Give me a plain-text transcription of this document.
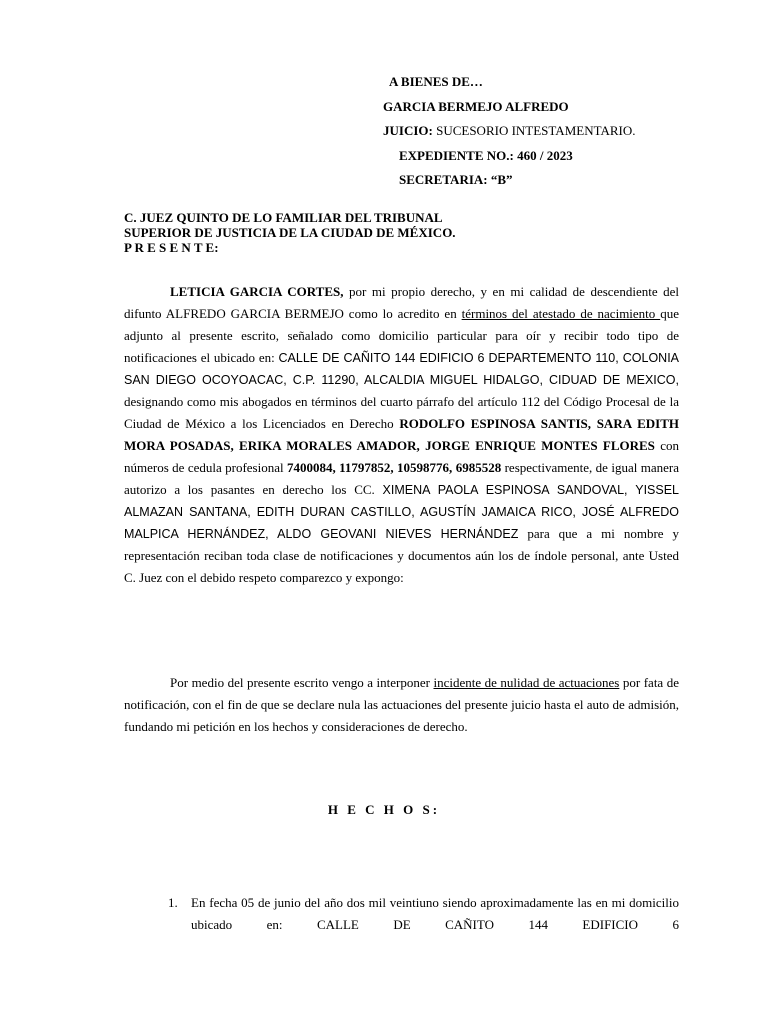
A BIENES DE…
GARCIA BERMEJO ALFREDO
JUICIO: SUCESORIO INTESTAMENTARIO.
EXPEDIENTE NO.: 460 / 2023
SECRETARIA: “B”
C. JUEZ QUINTO DE LO FAMILIAR DEL TRIBUNAL
SUPERIOR DE JUSTICIA DE LA CIUDAD DE MÉXICO.
P R E S E N T E:
LETICIA GARCIA CORTES, por mi propio derecho, y en mi calidad de descendiente del difunto ALFREDO GARCIA BERMEJO como lo acredito en términos del atestado de nacimiento que adjunto al presente escrito, señalado como domicilio particular para oír y recibir todo tipo de notificaciones el ubicado en: CALLE DE CAÑITO 144 EDIFICIO 6 DEPARTEMENTO 110, COLONIA SAN DIEGO OCOYOACAC, C.P. 11290, ALCALDIA MIGUEL HIDALGO, CIDUAD DE MEXICO, designando como mis abogados en términos del cuarto párrafo del artículo 112 del Código Procesal de la Ciudad de México a los Licenciados en Derecho RODOLFO ESPINOSA SANTIS, SARA EDITH MORA POSADAS, ERIKA MORALES AMADOR, JORGE ENRIQUE MONTES FLORES con números de cedula profesional 7400084, 11797852, 10598776, 6985528 respectivamente, de igual manera autorizo a los pasantes en derecho los CC. XIMENA PAOLA ESPINOSA SANDOVAL, YISSEL ALMAZAN SANTANA, EDITH DURAN CASTILLO, AGUSTÍN JAMAICA RICO, JOSÉ ALFREDO MALPICA HERNÁNDEZ, ALDO GEOVANI NIEVES HERNÁNDEZ para que a mi nombre y representación reciban toda clase de notificaciones y documentos aún los de índole personal, ante Usted C. Juez con el debido respeto comparezco y expongo:
Por medio del presente escrito vengo a interponer incidente de nulidad de actuaciones por fata de notificación, con el fin de que se declare nula las actuaciones del presente juicio hasta el auto de admisión, fundando mi petición en los hechos y consideraciones de derecho.
H E C H O S:
1. En fecha 05 de junio del año dos mil veintiuno siendo aproximadamente las en mi domicilio ubicado en: CALLE DE CAÑITO 144 EDIFICIO 6
